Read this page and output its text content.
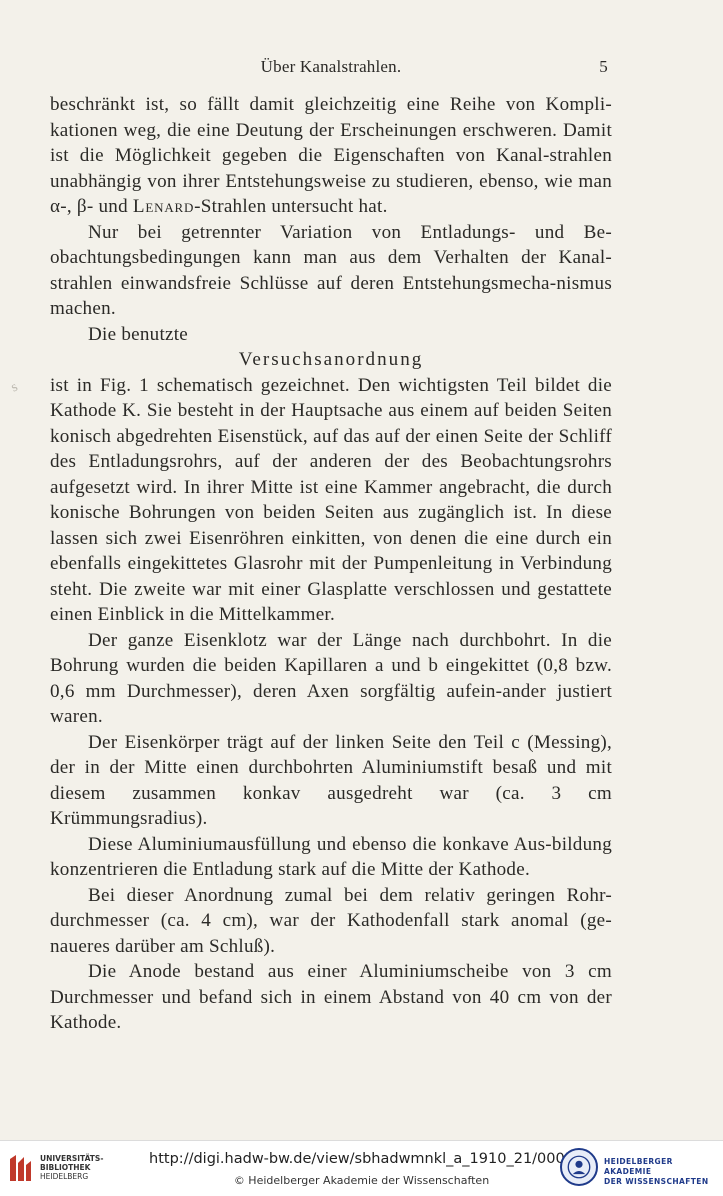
Über Kanalstrahlen.	5
ѕ

beschränkt ist, so fällt damit gleichzeitig eine Reihe von Kompli-kationen weg, die eine Deutung der Erscheinungen erschweren. Damit ist die Möglichkeit gegeben die Eigenschaften von Kanal-strahlen unabhängig von ihrer Entstehungsweise zu studieren, ebenso, wie man α-, β- und Lenard-Strahlen untersucht hat.

Nur bei getrennter Variation von Entladungs- und Be-obachtungsbedingungen kann man aus dem Verhalten der Kanal-strahlen einwandsfreie Schlüsse auf deren Entstehungsmecha-nismus machen.

Die benutzte

Versuchsanordnung

ist in Fig. 1 schematisch gezeichnet. Den wichtigsten Teil bildet die Kathode K. Sie besteht in der Hauptsache aus einem auf beiden Seiten konisch abgedrehten Eisenstück, auf das auf der einen Seite der Schliff des Entladungsrohrs, auf der anderen der des Beobachtungsrohrs aufgesetzt wird. In ihrer Mitte ist eine Kammer angebracht, die durch konische Bohrungen von beiden Seiten aus zugänglich ist. In diese lassen sich zwei Eisenröhren einkitten, von denen die eine durch ein ebenfalls eingekittetes Glasrohr mit der Pumpenleitung in Verbindung steht. Die zweite war mit einer Glasplatte verschlossen und gestattete einen Einblick in die Mittelkammer.

Der ganze Eisenklotz war der Länge nach durchbohrt. In die Bohrung wurden die beiden Kapillaren a und b eingekittet (0,8 bzw. 0,6 mm Durchmesser), deren Axen sorgfältig aufein-ander justiert waren.

Der Eisenkörper trägt auf der linken Seite den Teil c (Messing), der in der Mitte einen durchbohrten Aluminiumstift besaß und mit diesem zusammen konkav ausgedreht war (ca. 3 cm Krümmungsradius).

Diese Aluminiumausfüllung und ebenso die konkave Aus-bildung konzentrieren die Entladung stark auf die Mitte der Kathode.

Bei dieser Anordnung zumal bei dem relativ geringen Rohr-durchmesser (ca. 4 cm), war der Kathodenfall stark anomal (ge-naueres darüber am Schluß).

Die Anode bestand aus einer Aluminiumscheibe von 3 cm Durchmesser und befand sich in einem Abstand von 40 cm von der Kathode.

UNIVERSITÄTS-
BIBLIOTHEK
HEIDELBERG
http://digi.hadw-bw.de/view/sbhadwmnkl_a_1910_21/0005
© Heidelberger Akademie der Wissenschaften
HEIDELBERGER AKADEMIE
DER WISSENSCHAFTEN
